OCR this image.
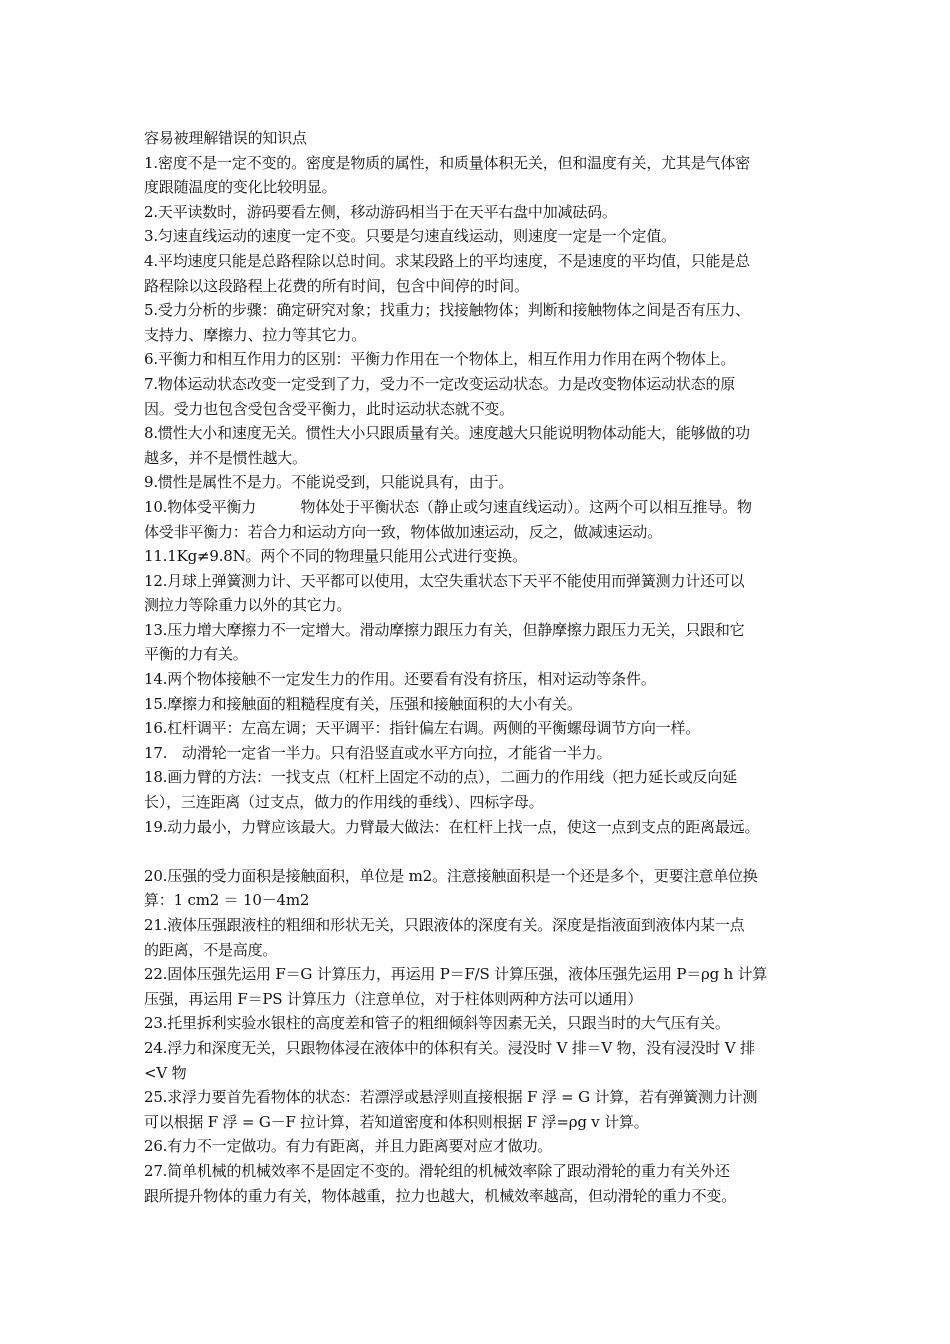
容易被理解错误的知识点
1.密度不是一定不变的。密度是物质的属性，和质量体积无关，但和温度有关，尤其是气体密
度跟随温度的变化比较明显。
2.天平读数时，游码要看左侧，移动游码相当于在天平右盘中加减砝码。
3.匀速直线运动的速度一定不变。只要是匀速直线运动，则速度一定是一个定值。
4.平均速度只能是总路程除以总时间。求某段路上的平均速度，不是速度的平均值，只能是总
路程除以这段路程上花费的所有时间，包含中间停的时间。
5.受力分析的步骤：确定研究对象；找重力；找接触物体；判断和接触物体之间是否有压力、
支持力、摩擦力、拉力等其它力。
6.平衡力和相互作用力的区别：平衡力作用在一个物体上，相互作用力作用在两个物体上。
7.物体运动状态改变一定受到了力，受力不一定改变运动状态。力是改变物体运动状态的原
因。受力也包含受包含受平衡力，此时运动状态就不变。
8.惯性大小和速度无关。惯性大小只跟质量有关。速度越大只能说明物体动能大，能够做的功
越多，并不是惯性越大。
9.惯性是属性不是力。不能说受到，只能说具有，由于。
10.物体受平衡力　　　物体处于平衡状态（静止或匀速直线运动）。这两个可以相互推导。物
体受非平衡力：若合力和运动方向一致，物体做加速运动，反之，做减速运动。
11.1Kg≠9.8N。两个不同的物理量只能用公式进行变换。
12.月球上弹簧测力计、天平都可以使用，太空失重状态下天平不能使用而弹簧测力计还可以
测拉力等除重力以外的其它力。
13.压力增大摩擦力不一定增大。滑动摩擦力跟压力有关，但静摩擦力跟压力无关，只跟和它
平衡的力有关。
14.两个物体接触不一定发生力的作用。还要看有没有挤压，相对运动等条件。
15.摩擦力和接触面的粗糙程度有关，压强和接触面积的大小有关。
16.杠杆调平：左高左调；天平调平：指针偏左右调。两侧的平衡螺母调节方向一样。
17.　动滑轮一定省一半力。只有沿竖直或水平方向拉，才能省一半力。
18.画力臂的方法：一找支点（杠杆上固定不动的点），二画力的作用线（把力延长或反向延
长），三连距离（过支点，做力的作用线的垂线）、四标字母。
19.动力最小，力臂应该最大。力臂最大做法：在杠杆上找一点，使这一点到支点的距离最远。
20.压强的受力面积是接触面积，单位是 m2。注意接触面积是一个还是多个，更要注意单位换
算：1 cm2 ＝ 10－4m2
21.液体压强跟液柱的粗细和形状无关，只跟液体的深度有关。深度是指液面到液体内某一点
的距离，不是高度。
22.固体压强先运用 F＝G 计算压力，再运用 P＝F/S 计算压强，液体压强先运用 P＝ρg h 计算
压强，再运用 F＝PS 计算压力（注意单位，对于柱体则两种方法可以通用）
23.托里拆利实验水银柱的高度差和管子的粗细倾斜等因素无关，只跟当时的大气压有关。
24.浮力和深度无关，只跟物体浸在液体中的体积有关。浸没时 V 排＝V 物，没有浸没时 V 排
<V 物
25.求浮力要首先看物体的状态：若漂浮或悬浮则直接根据 F 浮 = G 计算，若有弹簧测力计测
可以根据 F 浮 = G－F 拉计算，若知道密度和体积则根据 F 浮=ρg v 计算。
26.有力不一定做功。有力有距离，并且力距离要对应才做功。
27.简单机械的机械效率不是固定不变的。滑轮组的机械效率除了跟动滑轮的重力有关外还
跟所提升物体的重力有关，物体越重，拉力也越大，机械效率越高，但动滑轮的重力不变。
